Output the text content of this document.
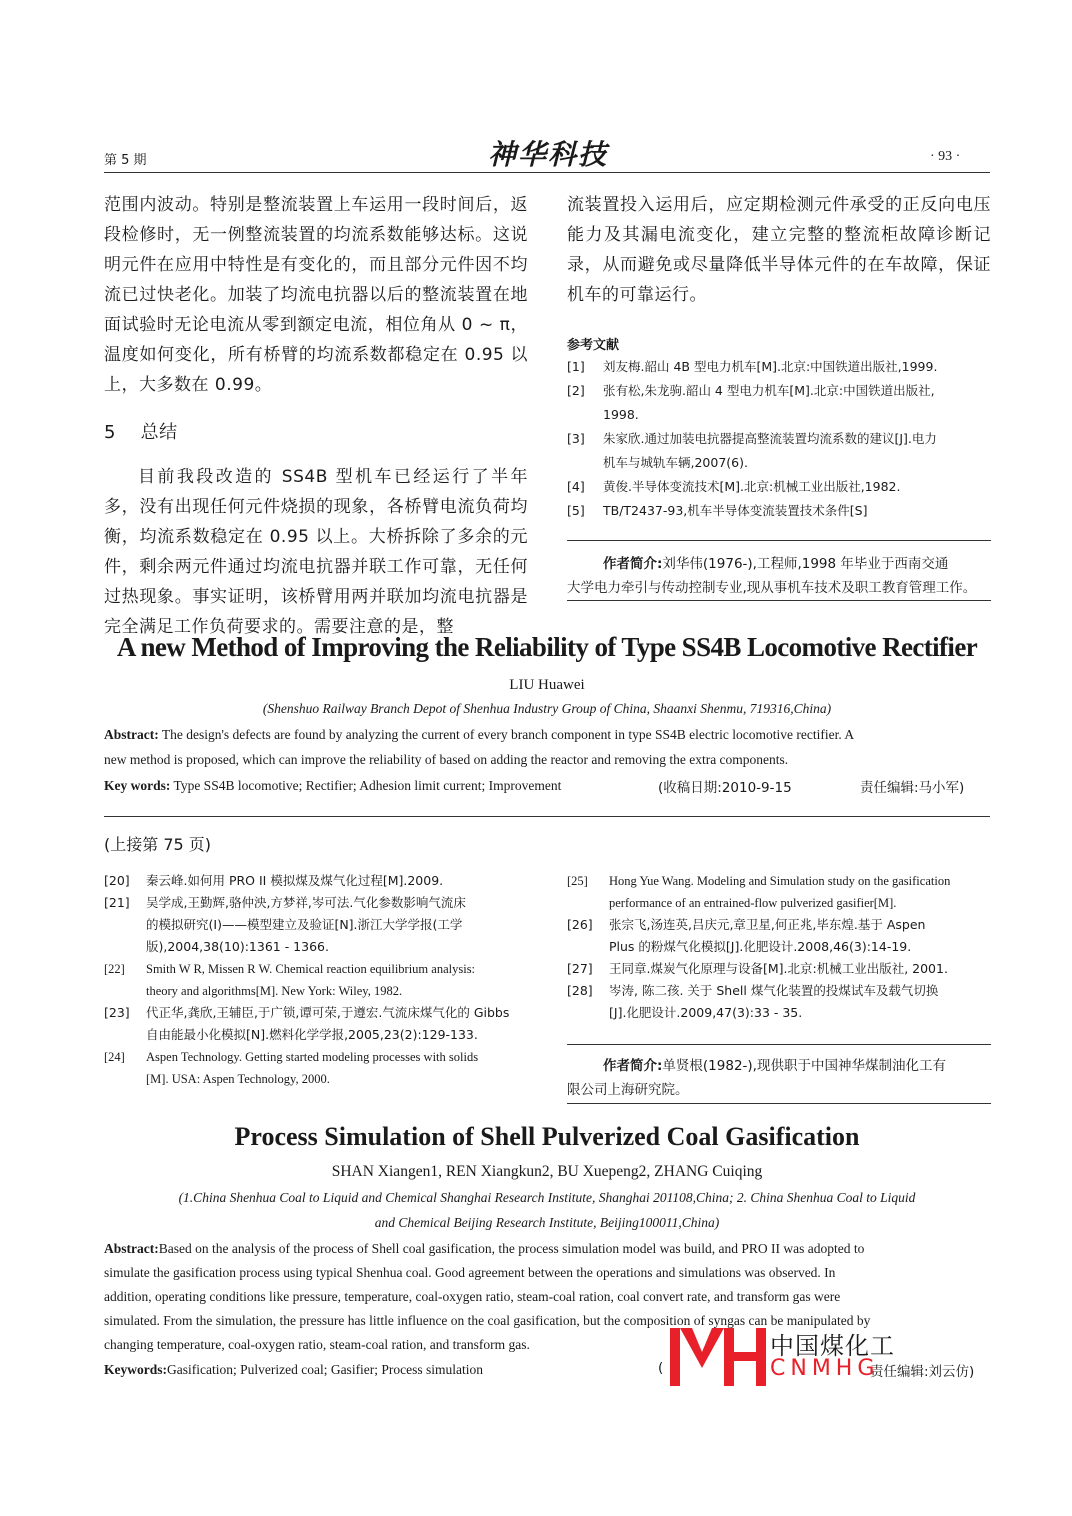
第 5 期	神华科技	· 93 ·

范围内波动。特别是整流装置上车运用一段时间后，返段检修时，无一例整流装置的均流系数能够达标。这说明元件在应用中特性是有变化的，而且部分元件因不均流已过快老化。加装了均流电抗器以后的整流装置在地面试验时无论电流从零到额定电流，相位角从 0 ~ π，温度如何变化，所有桥臂的均流系数都稳定在 0.95 以上，大多数在 0.99。

5　 总结

目前我段改造的 SS4B 型机车已经运行了半年多，没有出现任何元件烧损的现象，各桥臂电流负荷均衡，均流系数稳定在 0.95 以上。大桥拆除了多余的元件，剩余两元件通过均流电抗器并联工作可靠，无任何过热现象。事实证明，该桥臂用两并联加均流电抗器是完全满足工作负荷要求的。需要注意的是，整

流装置投入运用后，应定期检测元件承受的正反向电压能力及其漏电流变化，建立完整的整流柜故障诊断记录，从而避免或尽量降低半导体元件的在车故障，保证机车的可靠运行。

参考文献
[1] 刘友梅.韶山 4B 型电力机车[M].北京:中国铁道出版社,1999.
[2] 张有松,朱龙驹.韶山 4 型电力机车[M].北京:中国铁道出版社,
1998.
[3] 朱家欣.通过加装电抗器提高整流装置均流系数的建议[J].电力
机车与城轨车辆,2007(6).
[4] 黄俊.半导体变流技术[M].北京:机械工业出版社,1982.
[5] TB/T2437-93,机车半导体变流装置技术条件[S]
作者简介:刘华伟(1976-),工程师,1998 年毕业于西南交通
大学电力牵引与传动控制专业,现从事机车技术及职工教育管理工作。
A new Method of Improving the Reliability of Type SS4B Locomotive Rectifier
LIU Huawei
(Shenshuo Railway Branch Depot of Shenhua Industry Group of China, Shaanxi Shenmu, 719316,China)
Abstract: The design's defects are found by analyzing the current of every branch component in type SS4B electric locomotive rectifier. A
new method is proposed, which can improve the reliability of based on adding the reactor and removing the extra components.
Key words: Type SS4B locomotive; Rectifier; Adhesion limit current; Improvement	(收稿日期:2010-9-15	责任编辑:马小军)
(上接第 75 页)
[20] 秦云峰.如何用 PRO II 模拟煤及煤气化过程[M].2009.
[21] 吴学成,王勤辉,骆仲泱,方梦祥,岑可法.气化参数影响气流床
的模拟研究(Ⅰ)——模型建立及验证[N].浙江大学学报(工学
版),2004,38(10):1361 - 1366.
[22] Smith W R, Missen R W. Chemical reaction equilibrium analysis:
theory and algorithms[M]. New York: Wiley, 1982.
[23] 代正华,龚欣,王辅臣,于广锁,谭可荣,于遵宏.气流床煤气化的 Gibbs
自由能最小化模拟[N].燃料化学学报,2005,23(2):129-133.
[24] Aspen Technology. Getting started modeling processes with solids
[M]. USA: Aspen Technology, 2000.
[25] Hong Yue Wang. Modeling and Simulation study on the gasification
performance of an entrained-flow pulverized gasifier[M].
[26] 张宗飞,汤连英,吕庆元,章卫星,何正兆,毕东煌.基于 Aspen
Plus 的粉煤气化模拟[J].化肥设计.2008,46(3):14-19.
[27] 王同章.煤炭气化原理与设备[M].北京:机械工业出版社, 2001.
[28] 岑涛, 陈二孩. 关于 Shell 煤气化装置的投煤试车及载气切换
[J].化肥设计.2009,47(3):33 - 35.
作者简介:单贤根(1982-),现供职于中国神华煤制油化工有
限公司上海研究院。
Process Simulation of Shell Pulverized Coal Gasification
SHAN Xiangen1, REN Xiangkun2, BU Xuepeng2, ZHANG Cuiqing
(1.China Shenhua Coal to Liquid and Chemical Shanghai Research Institute, Shanghai 201108,China; 2. China Shenhua Coal to Liquid
and Chemical Beijing Research Institute, Beijing100011,China)
Abstract:Based on the analysis of the process of Shell coal gasification, the process simulation model was build, and PRO II was adopted to
simulate the gasification process using typical Shenhua coal. Good agreement between the operations and simulations was observed. In
addition, operating conditions like pressure, temperature, coal-oxygen ratio, steam-coal ration, coal convert rate, and transform gas were
simulated. From the simulation, the pressure has little influence on the coal gasification, but the composition of syngas can be manipulated by
changing temperature, coal-oxygen ratio, steam-coal ration, and transform gas.
Keywords:Gasification; Pulverized coal; Gasifier; Process simulation	(	责任编辑:刘云仿)
中国煤化工
CNMHG
